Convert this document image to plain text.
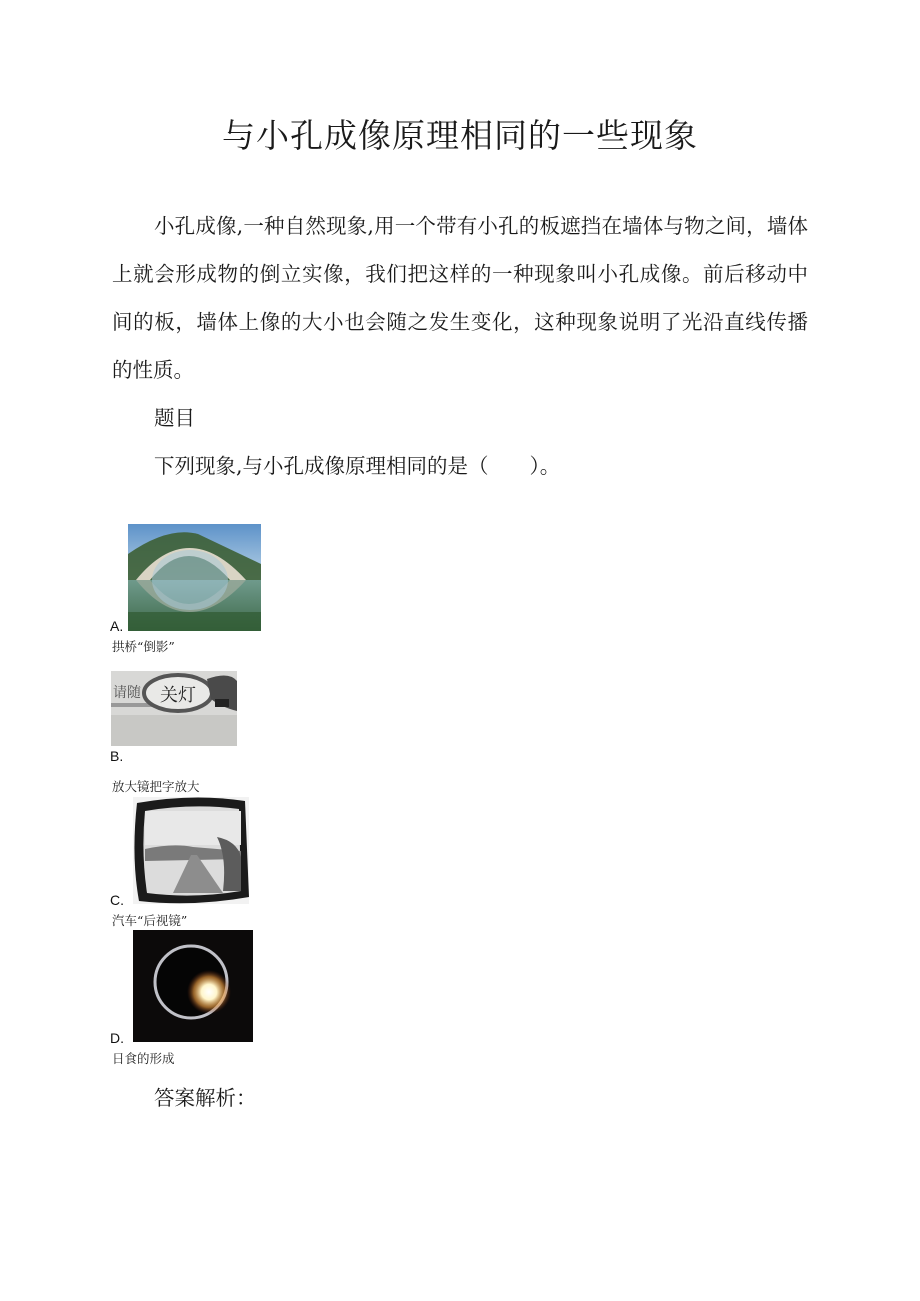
与小孔成像原理相同的一些现象

小孔成像,一种自然现象,用一个带有小孔的板遮挡在墙体与物之间，墙体上就会形成物的倒立实像，我们把这样的一种现象叫小孔成像。前后移动中间的板，墙体上像的大小也会随之发生变化，这种现象说明了光沿直线传播的性质。

题目

下列现象,与小孔成像原理相同的是（　　）。

A.
拱桥“倒影”
请随 关灯
B.
放大镜把字放大
C.
汽车“后视镜”
D.
日食的形成

答案解析：
